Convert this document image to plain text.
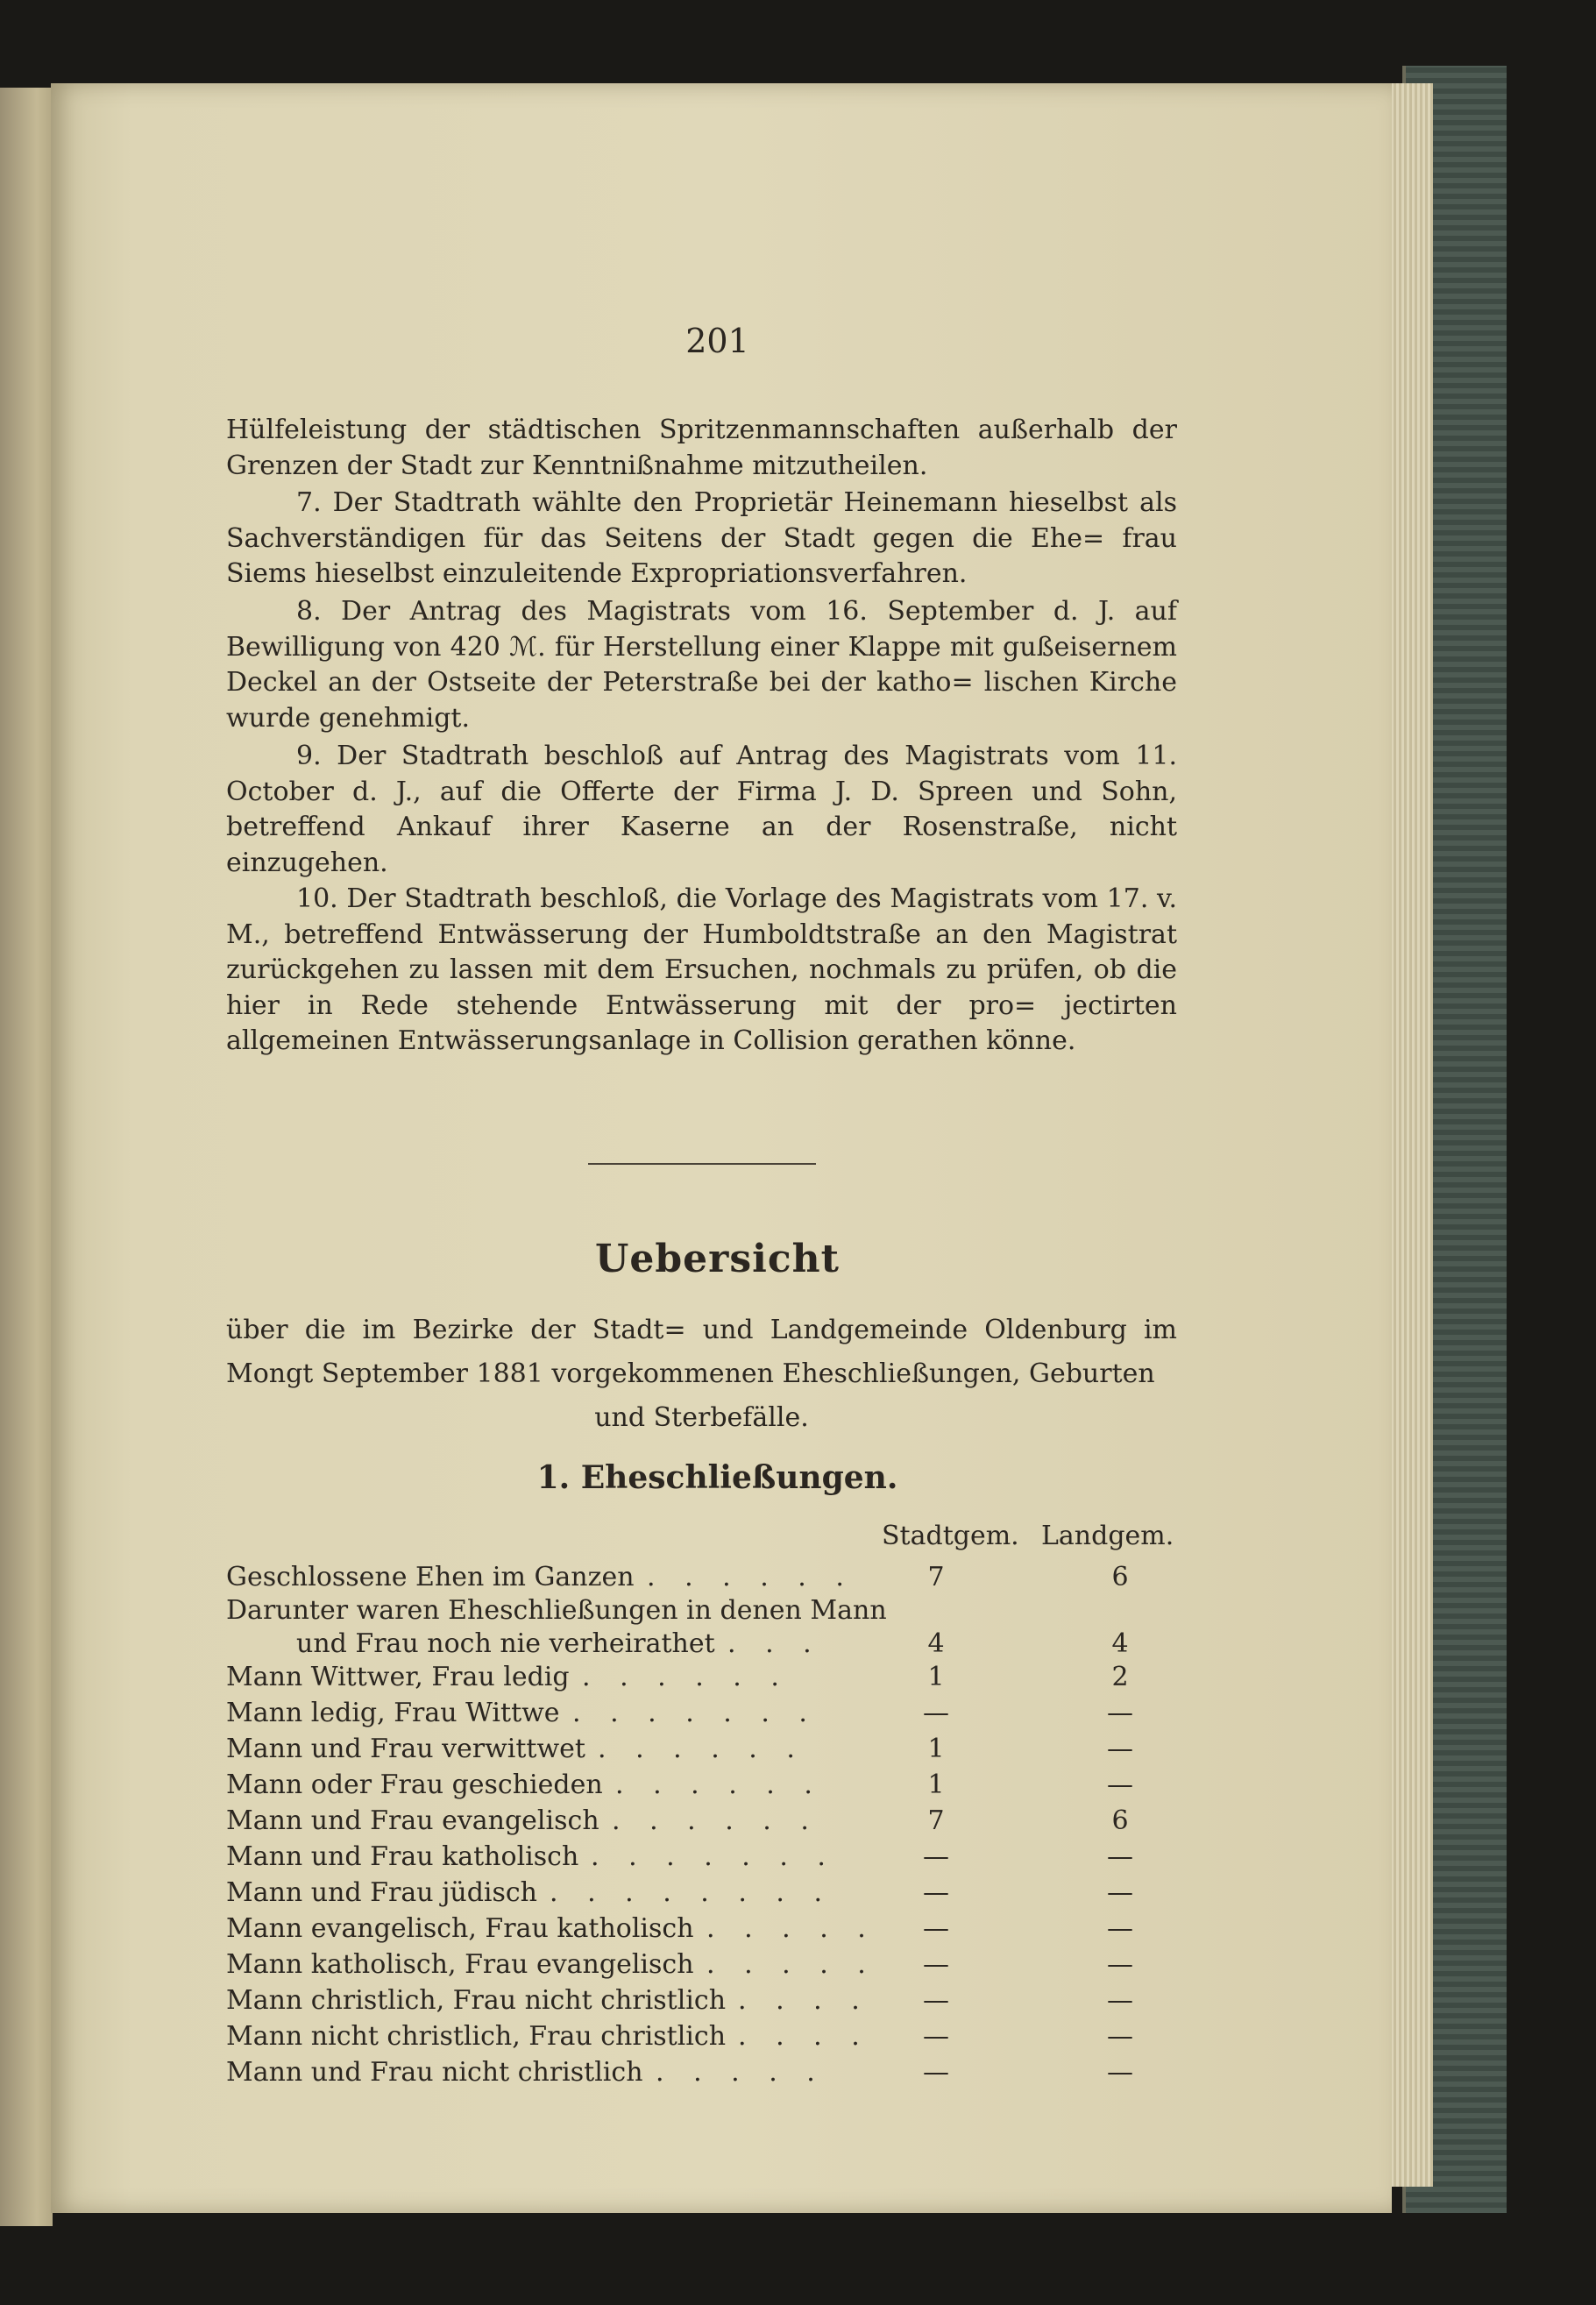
201

Hülfeleistung der städtischen Spritzenmannschaften außerhalb der Grenzen der Stadt zur Kenntnißnahme mitzutheilen.

7. Der Stadtrath wählte den Proprietär Heinemann hieselbst als Sachverständigen für das Seitens der Stadt gegen die Ehe= frau Siems hieselbst einzuleitende Expropriationsverfahren.

8. Der Antrag des Magistrats vom 16. September d. J. auf Bewilligung von 420 ℳ. für Herstellung einer Klappe mit gußeisernem Deckel an der Ostseite der Peterstraße bei der katho= lischen Kirche wurde genehmigt.

9. Der Stadtrath beschloß auf Antrag des Magistrats vom 11. October d. J., auf die Offerte der Firma J. D. Spreen und Sohn, betreffend Ankauf ihrer Kaserne an der Rosenstraße, nicht einzugehen.

10. Der Stadtrath beschloß, die Vorlage des Magistrats vom 17. v. M., betreffend Entwässerung der Humboldtstraße an den Magistrat zurückgehen zu lassen mit dem Ersuchen, nochmals zu prüfen, ob die hier in Rede stehende Entwässerung mit der pro= jectirten allgemeinen Entwässerungsanlage in Collision gerathen könne.

über die im Bezirke der Stadt= und Landgemeinde Oldenburg im Mongt September 1881 vorgekommenen Eheschließungen, Geburten
und Sterbefälle.
Stadtgem. Landgem.
Geschlossene Ehen im Ganzen . . . . . .	7	6
Darunter waren Eheschließungen in denen Mann
und Frau noch nie verheirathet . . .	4	4
Mann Wittwer, Frau ledig . . . . . .	1	2
Mann ledig, Frau Wittwe . . . . . . .	—	—
Mann und Frau verwittwet . . . . . .	1	—
Mann oder Frau geschieden . . . . . .	1	—
Mann und Frau evangelisch . . . . . .	7	6
Mann und Frau katholisch . . . . . . .	—	—
Mann und Frau jüdisch . . . . . . . .	—	—
Mann evangelisch, Frau katholisch . . . . .	—	—
Mann katholisch, Frau evangelisch . . . . .	—	—
Mann christlich, Frau nicht christlich . . . .	—	—
Mann nicht christlich, Frau christlich . . . .	—	—
Mann und Frau nicht christlich . . . . .	—	—
Uebersicht
1. Eheschließungen.
